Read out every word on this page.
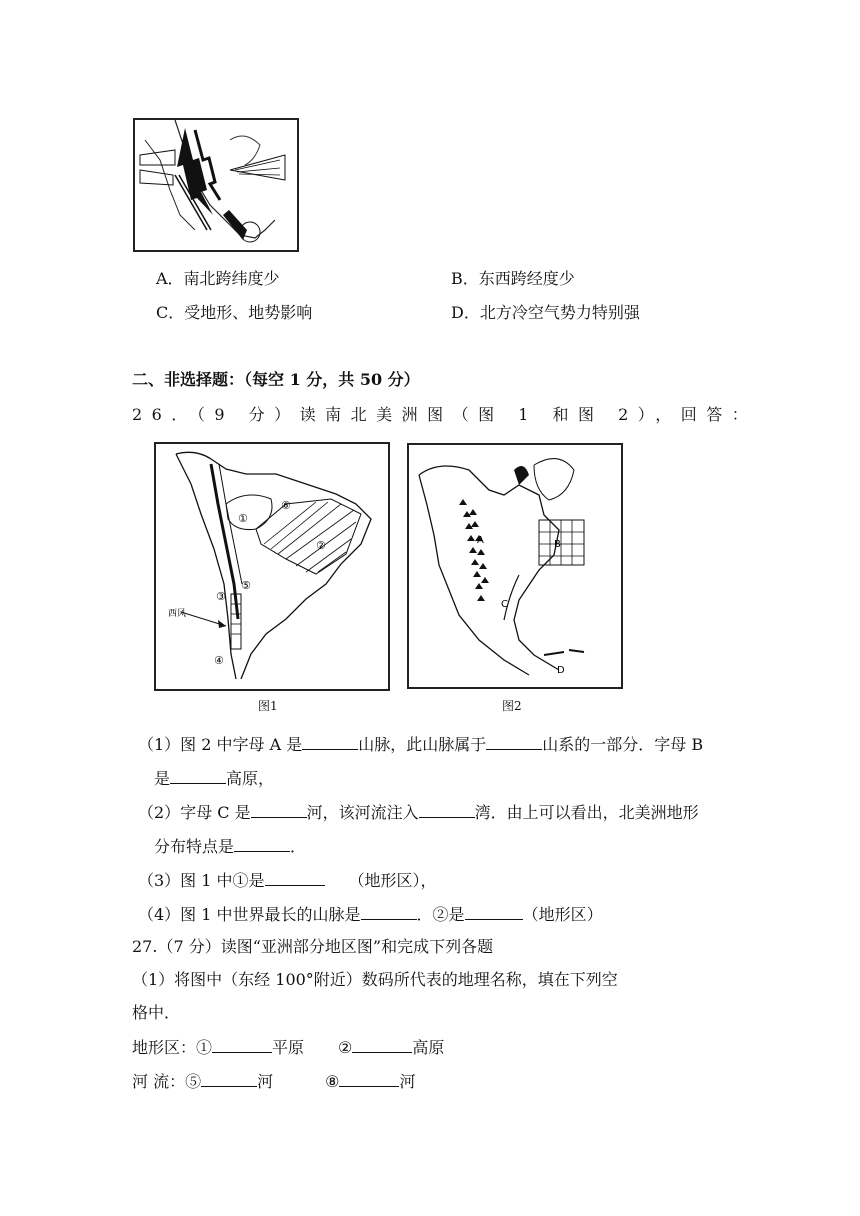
A．南北跨纬度少	B．东西跨经度少
C．受地形、地势影响	D．北方冷空气势力特别强
二、非选择题：（每空 1 分，共 50 分）
26．（9 分）读南北美洲图（图 1 和图 2），回答：
①
②
③
④
⑤
⑥
西风
图1
A	B
C
D
图2
（1）图 2 中字母 A 是	山脉，此山脉属于	山系的一部分．字母 B
是	高原，
（2）字母 C 是	河，该河流注入	湾．由上可以看出，北美洲地形
分布特点是	．
（3）图 1 中①是	（地形区），
（4）图 1 中世界最长的山脉是	．②是	（地形区）
27.（7 分）读图“亚洲部分地区图”和完成下列各题
（1）将图中（东经 100°附近）数码所代表的地理名称，填在下列空
格中．
地形区：①	平原 ②	高原
河 流：⑤	河	⑧	河
